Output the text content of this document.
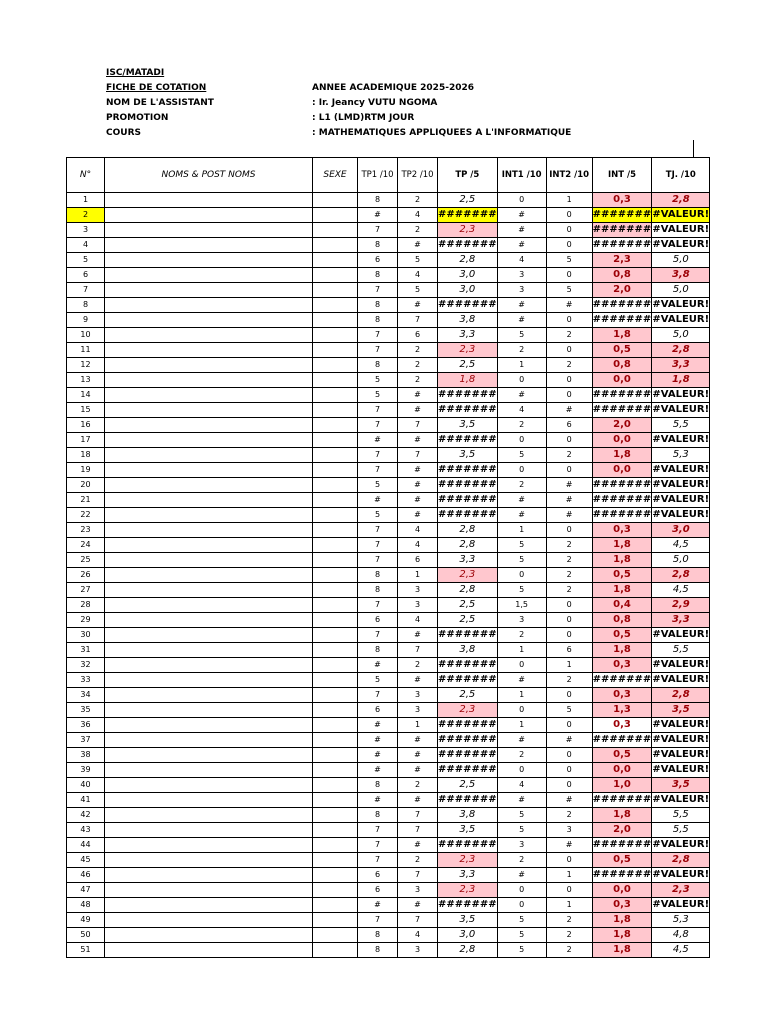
ISC/MATADI
FICHE DE COTATION
NOM DE L'ASSISTANT
PROMOTION
COURS
ANNEE ACADEMIQUE 2025-2026
: Ir. Jeancy VUTU NGOMA
: L1 (LMD)RTM JOUR
: MATHEMATIQUES APPLIQUEES A L'INFORMATIQUE
N°	NOMS & POST NOMS	SEXE	TP1 /10	TP2 /10	TP /5	INT1 /10	INT2 /10	INT /5	TJ. /10
1			8	2	2,5	0	1	0,3	2,8
2			#	4	#######	#	0	#######	#VALEUR!
3			7	2	2,3	#	0	#######	#VALEUR!
4			8	#	#######	#	0	#######	#VALEUR!
5			6	5	2,8	4	5	2,3	5,0
6			8	4	3,0	3	0	0,8	3,8
7			7	5	3,0	3	5	2,0	5,0
8			8	#	#######	#	#	#######	#VALEUR!
9			8	7	3,8	#	0	#######	#VALEUR!
10			7	6	3,3	5	2	1,8	5,0
11			7	2	2,3	2	0	0,5	2,8
12			8	2	2,5	1	2	0,8	3,3
13			5	2	1,8	0	0	0,0	1,8
14			5	#	#######	#	0	#######	#VALEUR!
15			7	#	#######	4	#	#######	#VALEUR!
16			7	7	3,5	2	6	2,0	5,5
17			#	#	#######	0	0	0,0	#VALEUR!
18			7	7	3,5	5	2	1,8	5,3
19			7	#	#######	0	0	0,0	#VALEUR!
20			5	#	#######	2	#	#######	#VALEUR!
21			#	#	#######	#	#	#######	#VALEUR!
22			5	#	#######	#	#	#######	#VALEUR!
23			7	4	2,8	1	0	0,3	3,0
24			7	4	2,8	5	2	1,8	4,5
25			7	6	3,3	5	2	1,8	5,0
26			8	1	2,3	0	2	0,5	2,8
27			8	3	2,8	5	2	1,8	4,5
28			7	3	2,5	1,5	0	0,4	2,9
29			6	4	2,5	3	0	0,8	3,3
30			7	#	#######	2	0	0,5	#VALEUR!
31			8	7	3,8	1	6	1,8	5,5
32			#	2	#######	0	1	0,3	#VALEUR!
33			5	#	#######	#	2	#######	#VALEUR!
34			7	3	2,5	1	0	0,3	2,8
35			6	3	2,3	0	5	1,3	3,5
36			#	1	#######	1	0	0,3	#VALEUR!
37			#	#	#######	#	#	#######	#VALEUR!
38			#	#	#######	2	0	0,5	#VALEUR!
39			#	#	#######	0	0	0,0	#VALEUR!
40			8	2	2,5	4	0	1,0	3,5
41			#	#	#######	#	#	#######	#VALEUR!
42			8	7	3,8	5	2	1,8	5,5
43			7	7	3,5	5	3	2,0	5,5
44			7	#	#######	3	#	#######	#VALEUR!
45			7	2	2,3	2	0	0,5	2,8
46			6	7	3,3	#	1	#######	#VALEUR!
47			6	3	2,3	0	0	0,0	2,3
48			#	#	#######	0	1	0,3	#VALEUR!
49			7	7	3,5	5	2	1,8	5,3
50			8	4	3,0	5	2	1,8	4,8
51			8	3	2,8	5	2	1,8	4,5
